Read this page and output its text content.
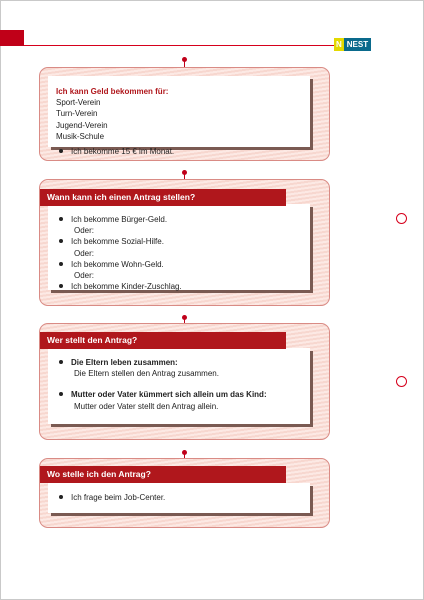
N NEST
Ich kann Geld bekommen für:
Sport-Verein
Turn-Verein
Jugend-Verein
Musik-Schule
Ich bekomme 15 € im Monat.
Ich bekomme Bürger-Geld.
Oder:
Ich bekomme Sozial-Hilfe.
Oder:
Ich bekomme Wohn-Geld.
Oder:
Ich bekomme Kinder-Zuschlag.
Wann kann ich einen Antrag stellen?
Die Eltern leben zusammen:
Die Eltern stellen den Antrag zusammen.
Mutter oder Vater kümmert sich allein um das Kind:
Mutter oder Vater stellt den Antrag allein.
Wer stellt den Antrag?
Ich frage beim Job-Center.
Wo stelle ich den Antrag?
